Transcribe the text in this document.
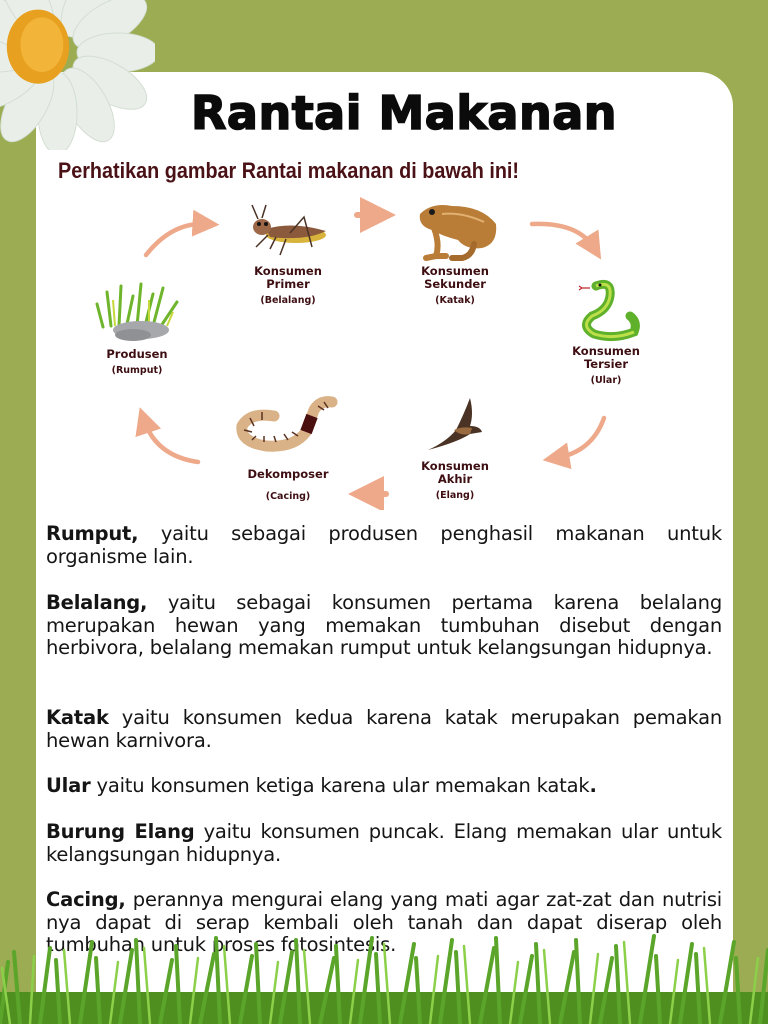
Rantai Makanan

Perhatikan gambar Rantai makanan di bawah ini!

Produsen
(Rumput)
Konsumen
Primer
(Belalang)
Konsumen
Sekunder
(Katak)
Konsumen
Tersier
(Ular)
Konsumen
Akhir
(Elang)
Dekomposer
(Cacing)

Rumput, yaitu sebagai produsen penghasil makanan untuk organisme lain.

Belalang, yaitu sebagai konsumen pertama karena belalang merupakan hewan yang memakan tumbuhan disebut dengan herbivora, belalang memakan rumput untuk kelangsungan hidupnya.

Katak yaitu konsumen kedua karena katak merupakan pemakan hewan karnivora.

Ular yaitu konsumen ketiga karena ular memakan katak.

Burung Elang yaitu konsumen puncak. Elang memakan ular untuk kelangsungan hidupnya.

Cacing, perannya mengurai elang yang mati agar zat-zat dan nutrisi nya dapat di serap kembali oleh tanah dan dapat diserap oleh tumbuhan untuk proses fotosintesis.
